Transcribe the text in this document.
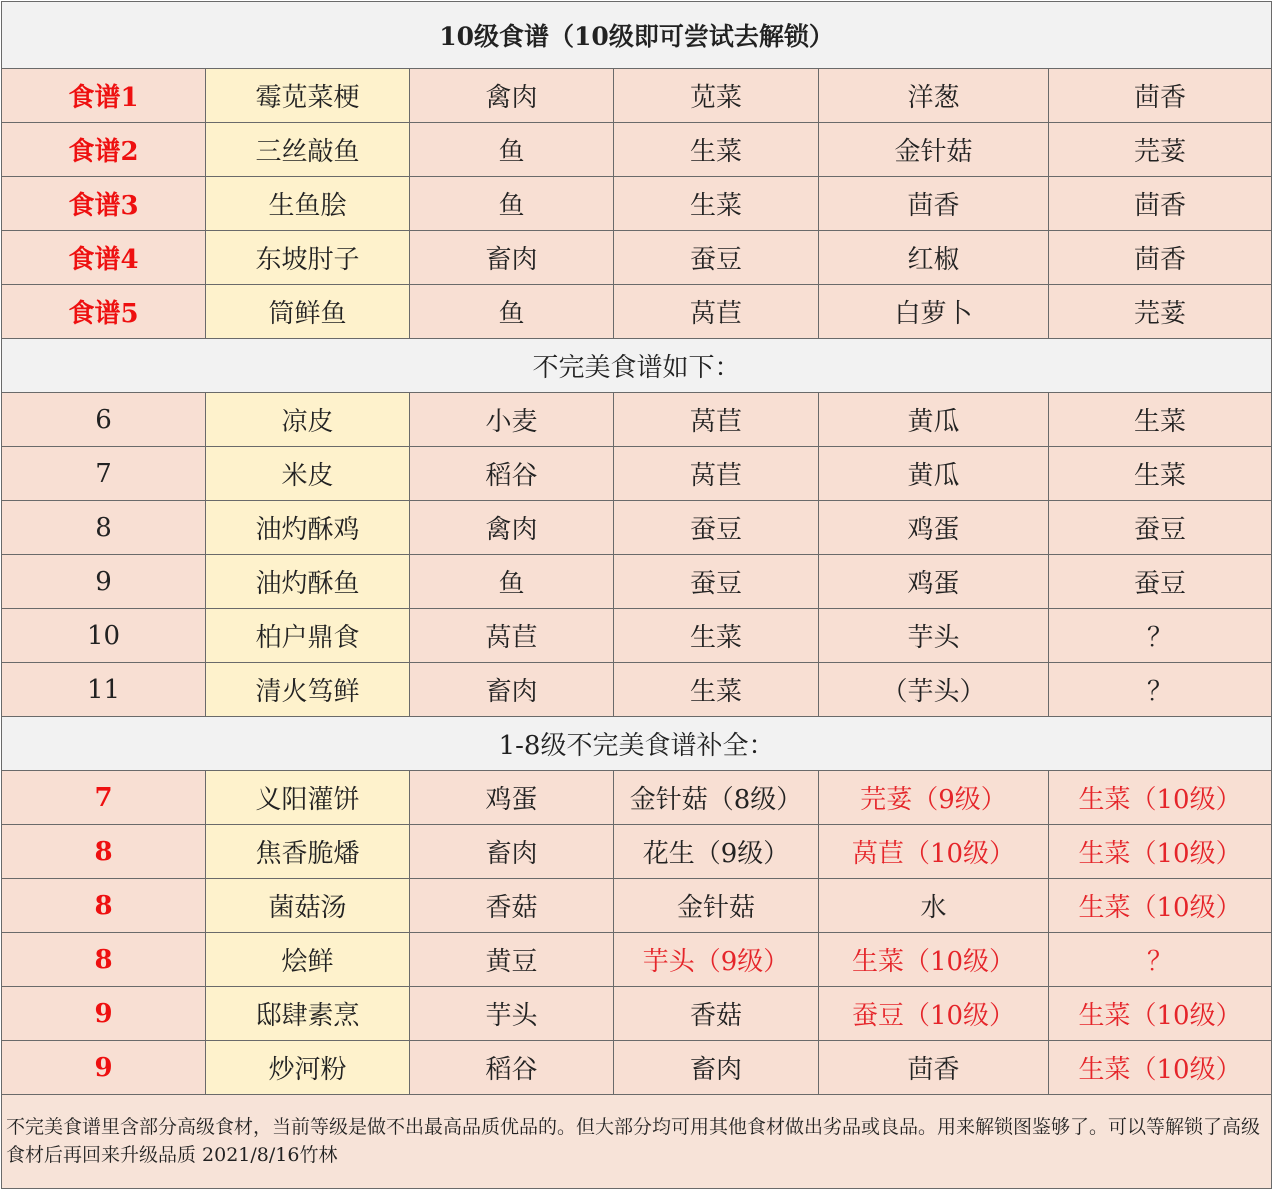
10级食谱（10级即可尝试去解锁）					
食谱1	霉苋菜梗	禽肉	苋菜	洋葱	茴香
食谱2	三丝敲鱼	鱼	生菜	金针菇	芫荽
食谱3	生鱼脍	鱼	生菜	茴香	茴香
食谱4	东坡肘子	畜肉	蚕豆	红椒	茴香
食谱5	筒鲜鱼	鱼	莴苣	白萝卜	芫荽
不完美食谱如下：					
6	凉皮	小麦	莴苣	黄瓜	生菜
7	米皮	稻谷	莴苣	黄瓜	生菜
8	油灼酥鸡	禽肉	蚕豆	鸡蛋	蚕豆
9	油灼酥鱼	鱼	蚕豆	鸡蛋	蚕豆
10	柏户鼎食	莴苣	生菜	芋头	？
11	清火笃鲜	畜肉	生菜	（芋头）	？
1-8级不完美食谱补全：					
7	义阳灌饼	鸡蛋	金针菇（8级）	芫荽（9级）	生菜（10级）
8	焦香脆燔	畜肉	花生（9级）	莴苣（10级）	生菜（10级）
8	菌菇汤	香菇	金针菇	水	生菜（10级）
8	烩鲜	黄豆	芋头（9级）	生菜（10级）	？
9	邸肆素烹	芋头	香菇	蚕豆（10级）	生菜（10级）
9	炒河粉	稻谷	畜肉	茴香	生菜（10级）
不完美食谱里含部分高级食材，当前等级是做不出最高品质优品的。但大部分均可用其他食材做出劣品或良品。用来解锁图鉴够了。可以等解锁了高级食材后再回来升级品质 2021/8/16竹林					
